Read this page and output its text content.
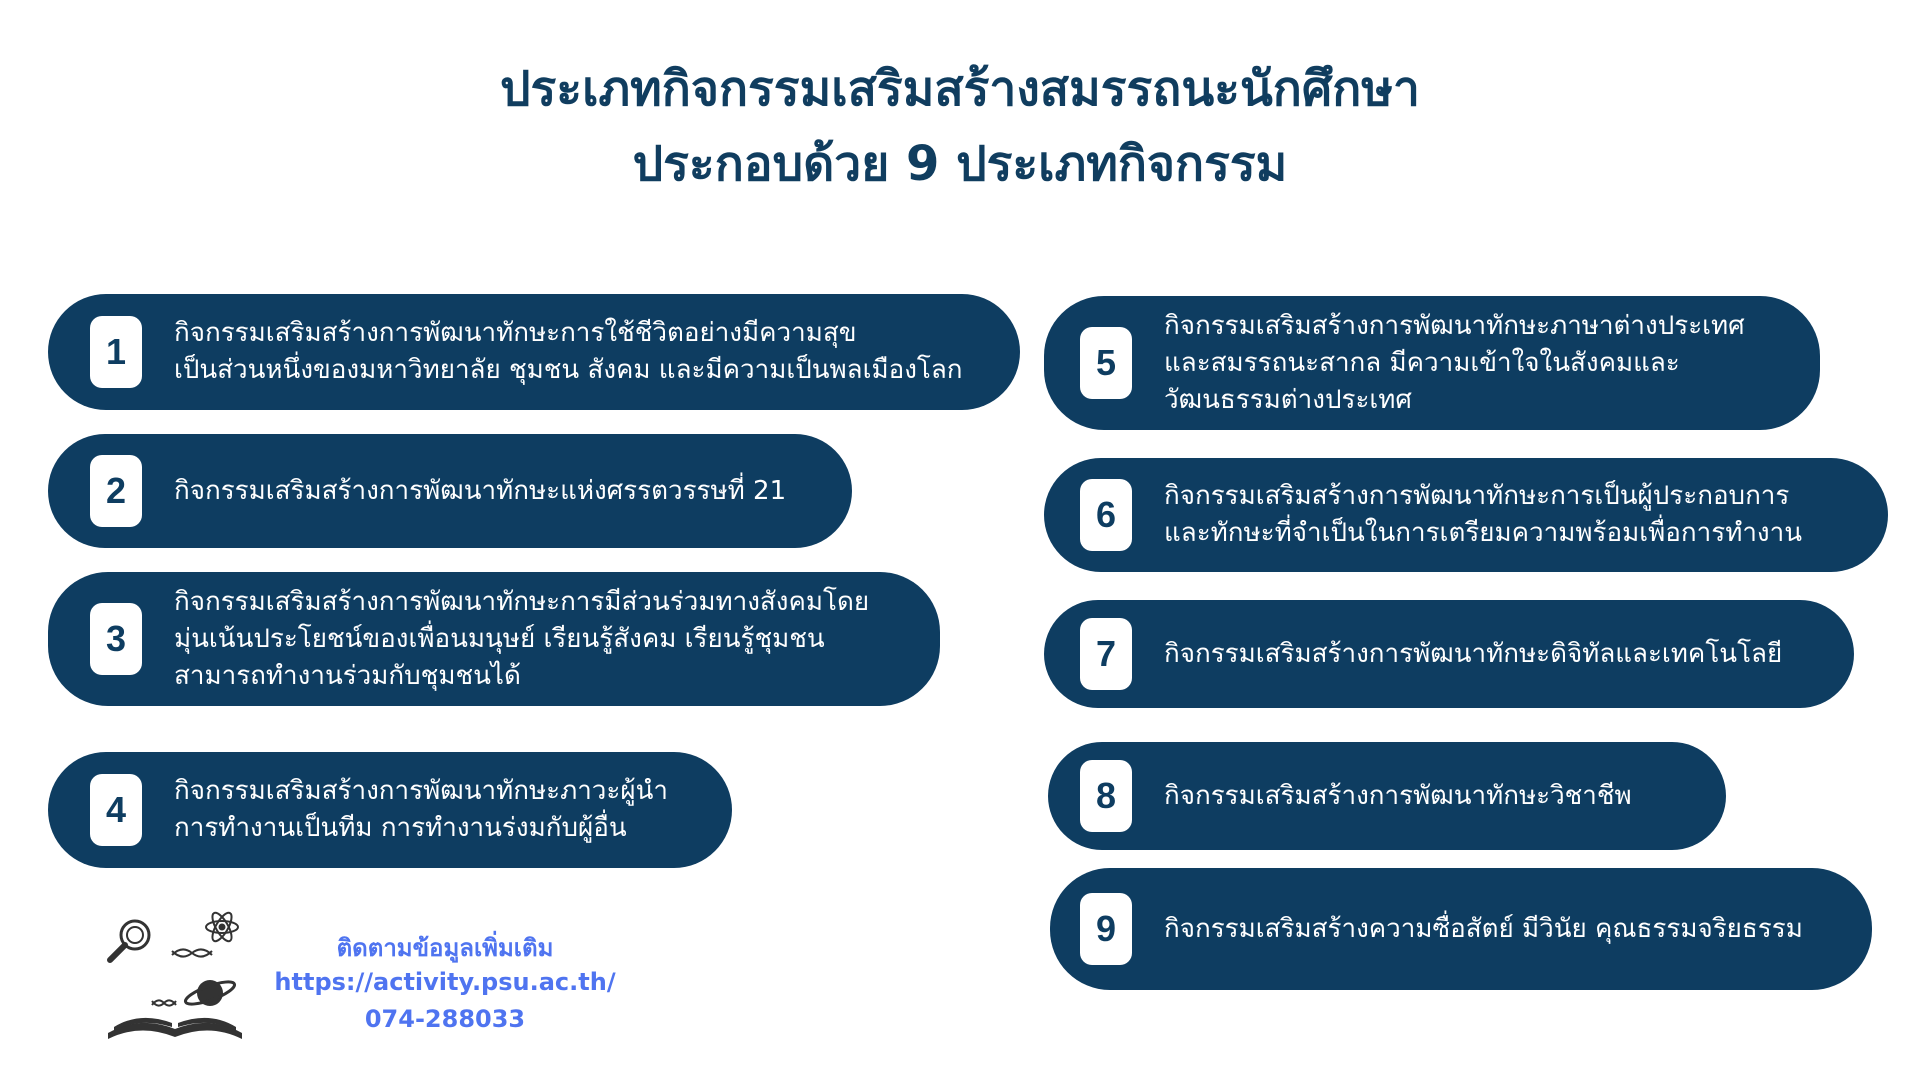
ประเภทกิจกรรมเสริมสร้างสมรรถนะนักศึกษา
ประกอบด้วย 9 ประเภทกิจกรรม
1	กิจกรรมเสริมสร้างการพัฒนาทักษะการใช้ชีวิตอย่างมีความสุข
เป็นส่วนหนึ่งของมหาวิทยาลัย ชุมชน สังคม และมีความเป็นพลเมืองโลก
2	กิจกรรมเสริมสร้างการพัฒนาทักษะแห่งศรรตวรรษที่ 21
3
กิจกรรมเสริมสร้างการพัฒนาทักษะการมีส่วนร่วมทางสังคมโดย
มุ่นเน้นประโยชน์ของเพื่อนมนุษย์ เรียนรู้สังคม เรียนรู้ชุมชน
สามารถทำงานร่วมกับชุมชนได้
4	กิจกรรมเสริมสร้างการพัฒนาทักษะภาวะผู้นำ
การทำงานเป็นทีม การทำงานร่งมกับผู้อื่น
5
กิจกรรมเสริมสร้างการพัฒนาทักษะภาษาต่างประเทศ
และสมรรถนะสากล มีความเข้าใจในสังคมและ
วัฒนธรรมต่างประเทศ
6	กิจกรรมเสริมสร้างการพัฒนาทักษะการเป็นผู้ประกอบการ
และทักษะที่จำเป็นในการเตรียมความพร้อมเพื่อการทำงาน
7	กิจกรรมเสริมสร้างการพัฒนาทักษะดิจิทัลและเทคโนโลยี
8	กิจกรรมเสริมสร้างการพัฒนาทักษะวิชาชีพ
9	กิจกรรมเสริมสร้างความซื่อสัตย์ มีวินัย คุณธรรมจริยธรรม
ติดตามข้อมูลเพิ่มเติม
https://activity.psu.ac.th/
074-288033
